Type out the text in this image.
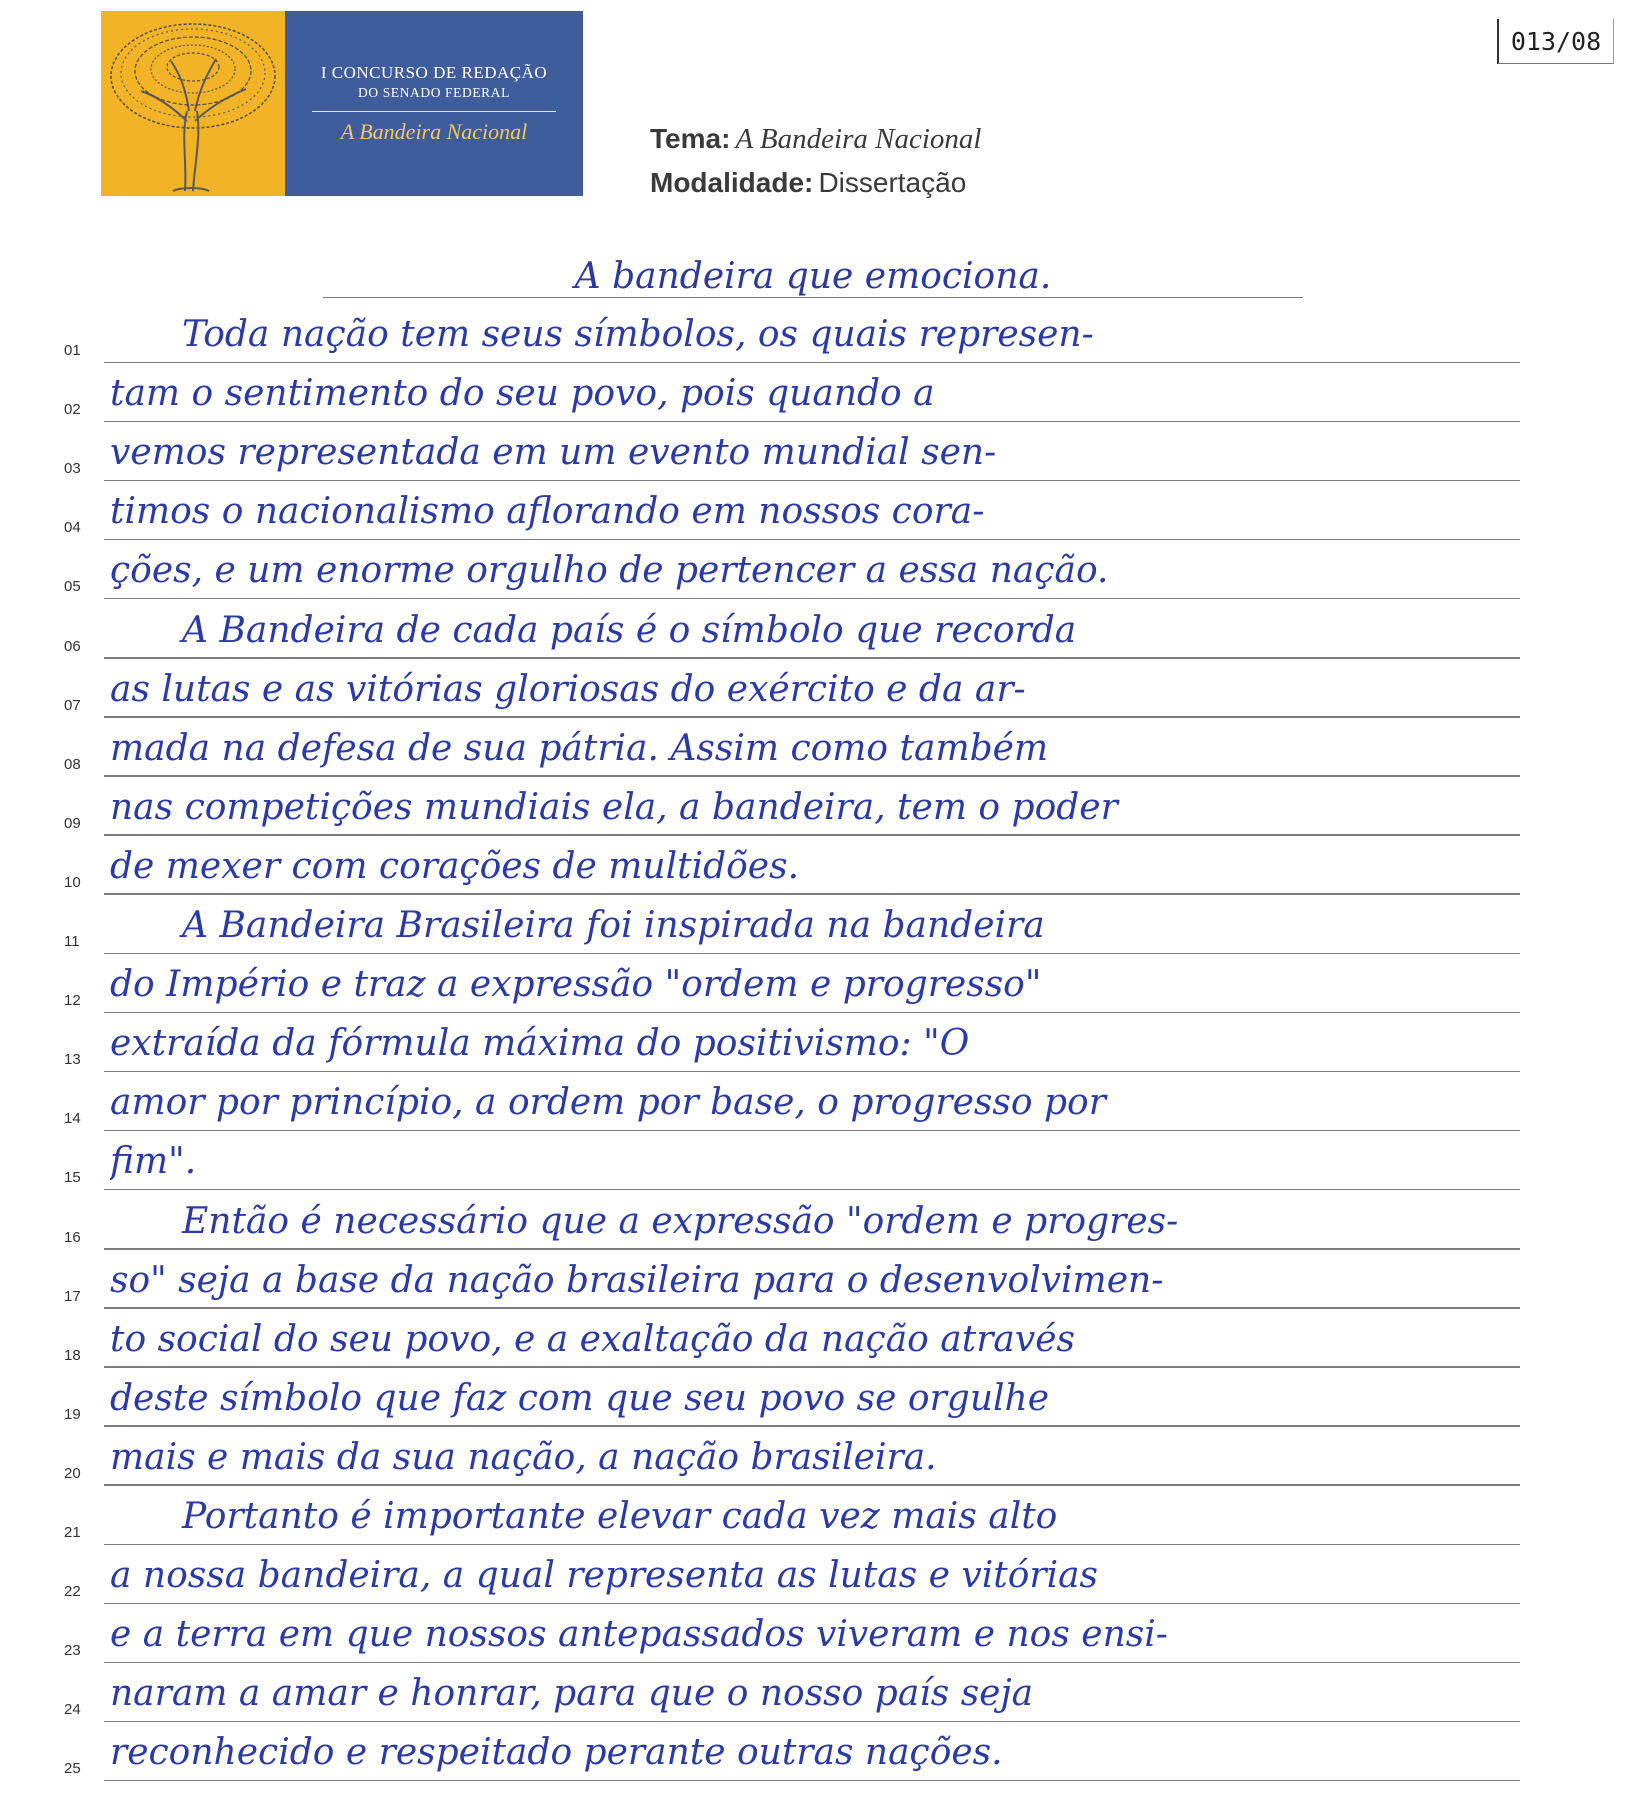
I CONCURSO DE REDAÇÃO
DO SENADO FEDERAL
A Bandeira Nacional
013/08
Tema: A Bandeira Nacional
Modalidade: Dissertação
A bandeira que emociona.
01	Toda nação tem seus símbolos, os quais represen-
02 tam o sentimento do seu povo, pois quando a
03 vemos representada em um evento mundial sen-
04 timos o nacionalismo aflorando em nossos cora-
05 ções, e um enorme orgulho de pertencer a essa nação.
06	A Bandeira de cada país é o símbolo que recorda
07 as lutas e as vitórias gloriosas do exército e da ar-
08 mada na defesa de sua pátria. Assim como também
09 nas competições mundiais ela, a bandeira, tem o poder
10 de mexer com corações de multidões.
11	A Bandeira Brasileira foi inspirada na bandeira
12 do Império e traz a expressão "ordem e progresso"
13 extraída da fórmula máxima do positivismo: "O
14 amor por princípio, a ordem por base, o progresso por
15 fim".
16	Então é necessário que a expressão "ordem e progres-
17 so" seja a base da nação brasileira para o desenvolvimen-
18 to social do seu povo, e a exaltação da nação através
19 deste símbolo que faz com que seu povo se orgulhe
20 mais e mais da sua nação, a nação brasileira.
21	Portanto é importante elevar cada vez mais alto
22 a nossa bandeira, a qual representa as lutas e vitórias
23 e a terra em que nossos antepassados viveram e nos ensi-
24 naram a amar e honrar, para que o nosso país seja
25 reconhecido e respeitado perante outras nações.
